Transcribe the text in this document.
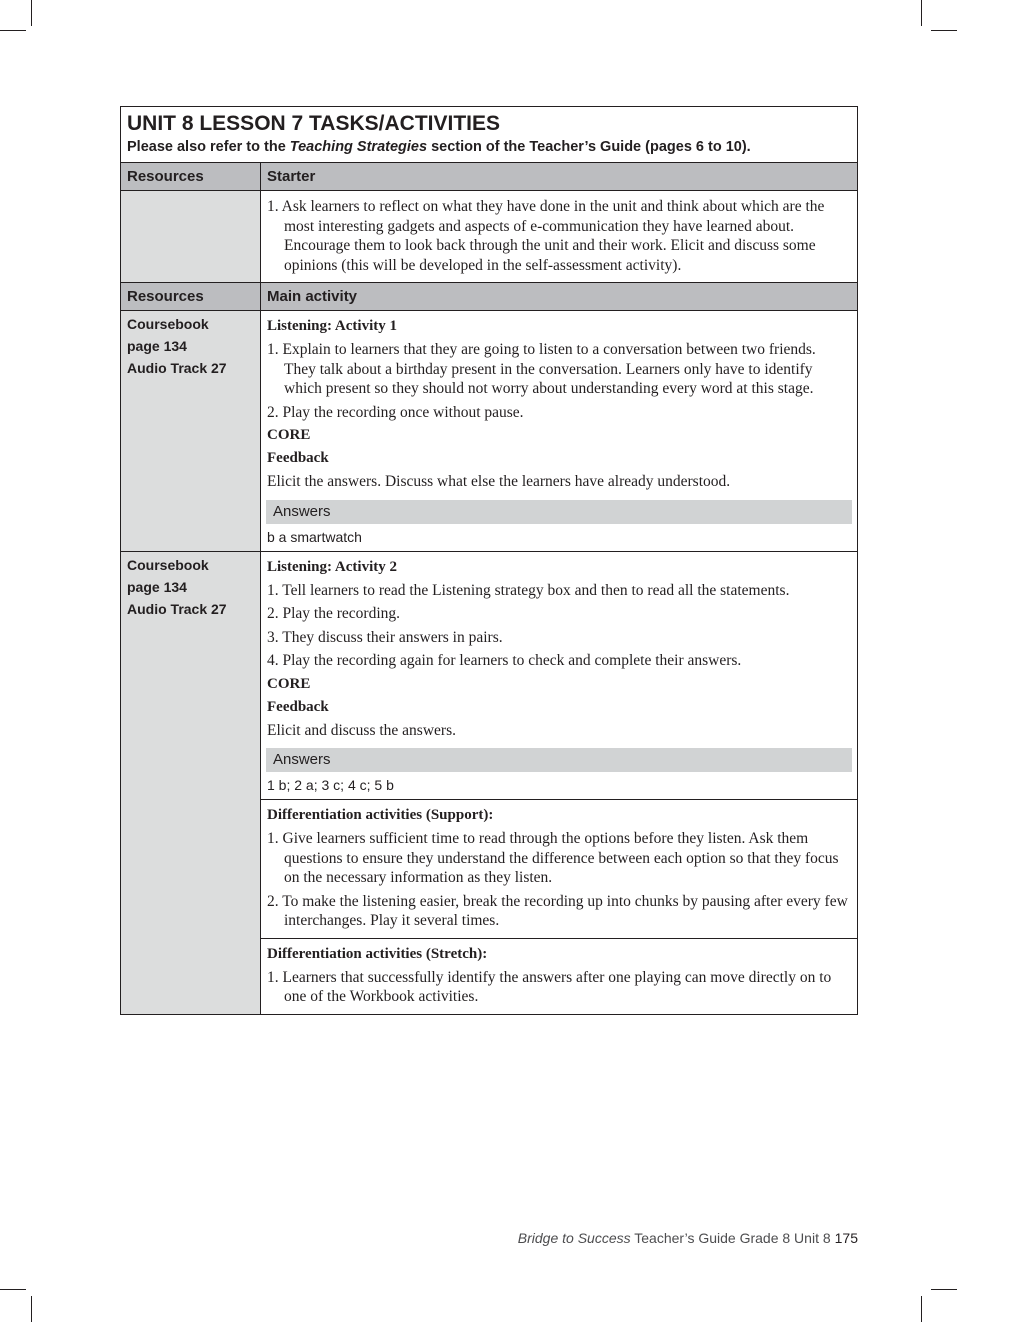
UNIT 8 LESSON 7 TASKS/ACTIVITIES

Please also refer to the Teaching Strategies section of the Teacher’s Guide (pages 6 to 10).

Resources	Starter

1. Ask learners to reflect on what they have done in the unit and think about which are the most interesting gadgets and aspects of e-communication they have learned about. Encourage them to look back through the unit and their work. Elicit and discuss some opinions (this will be developed in the self-assessment activity).

Resources	Main activity
Coursebook
page 134
Audio Track 27

Listening: Activity 1

1. Explain to learners that they are going to listen to a conversation between two friends. They talk about a birthday present in the conversation. Learners only have to identify which present so they should not worry about understanding every word at this stage.

2. Play the recording once without pause.

CORE

Feedback

Elicit the answers. Discuss what else the learners have already understood.

Answers

b a smartwatch

Coursebook
page 134
Audio Track 27

Listening: Activity 2

1. Tell learners to read the Listening strategy box and then to read all the statements.

2. Play the recording.

3. They discuss their answers in pairs.

4. Play the recording again for learners to check and complete their answers.

CORE

Feedback

Elicit and discuss the answers.

Answers

1 b; 2 a; 3 c; 4 c; 5 b

Differentiation activities (Support):

1. Give learners sufficient time to read through the options before they listen. Ask them questions to ensure they understand the difference between each option so that they focus on the necessary information as they listen.

2. To make the listening easier, break the recording up into chunks by pausing after every few interchanges. Play it several times.

Differentiation activities (Stretch):

1. Learners that successfully identify the answers after one playing can move directly on to one of the Workbook activities.

Bridge to Success Teacher’s Guide Grade 8 Unit 8 175
